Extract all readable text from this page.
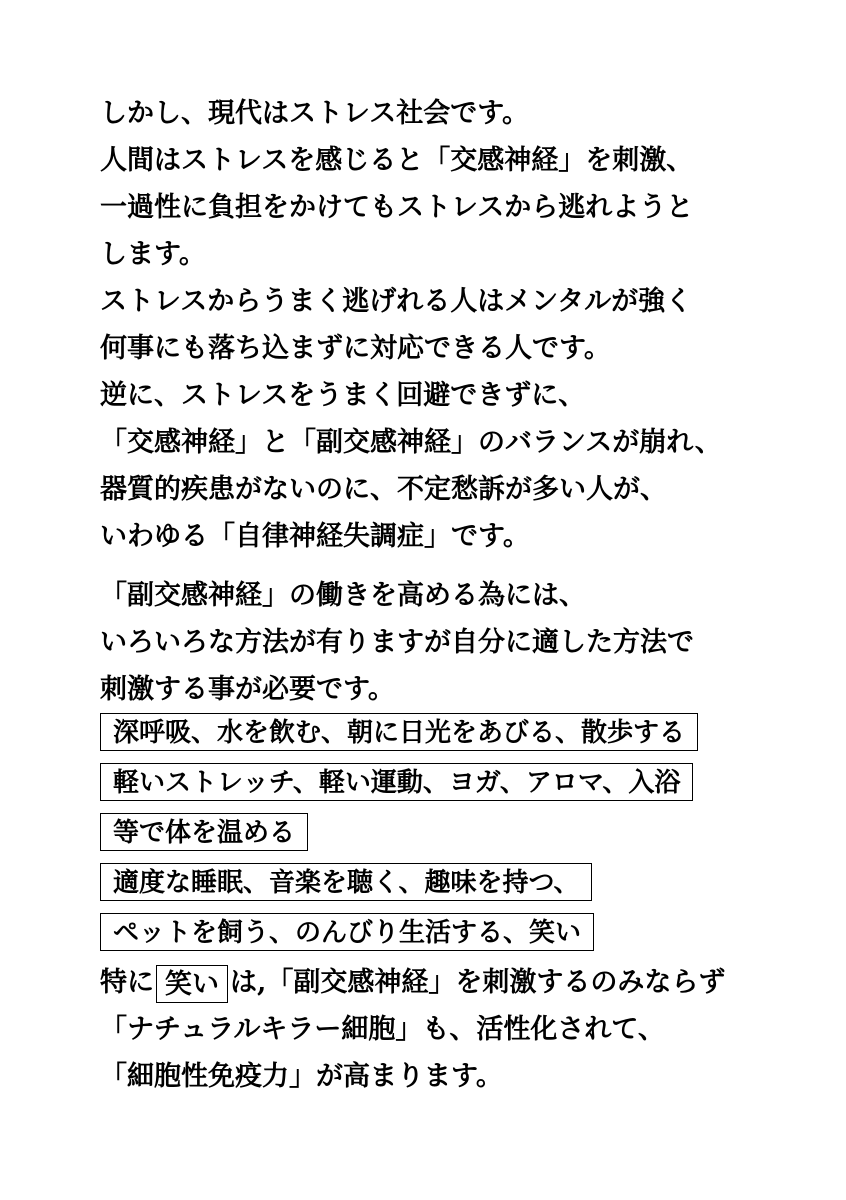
しかし、現代はストレス社会です。
人間はストレスを感じると「交感神経」を刺激、
一過性に負担をかけてもストレスから逃れようと
します。
ストレスからうまく逃げれる人はメンタルが強く
何事にも落ち込まずに対応できる人です。
逆に、ストレスをうまく回避できずに、
「交感神経」と「副交感神経」のバランスが崩れ、
器質的疾患がないのに、不定愁訴が多い人が、
いわゆる「自律神経失調症」です。
「副交感神経」の働きを高める為には、
いろいろな方法が有りますが自分に適した方法で
刺激する事が必要です。
深呼吸、水を飲む、朝に日光をあびる、散歩する
軽いストレッチ、軽い運動、ヨガ、アロマ、入浴
等で体を温める
適度な睡眠、音楽を聴く、趣味を持つ、
ペットを飼う、のんびり生活する、笑い
特に 笑い は,「副交感神経」を刺激するのみならず
「ナチュラルキラー細胞」も、活性化されて、
「細胞性免疫力」が高まります。
